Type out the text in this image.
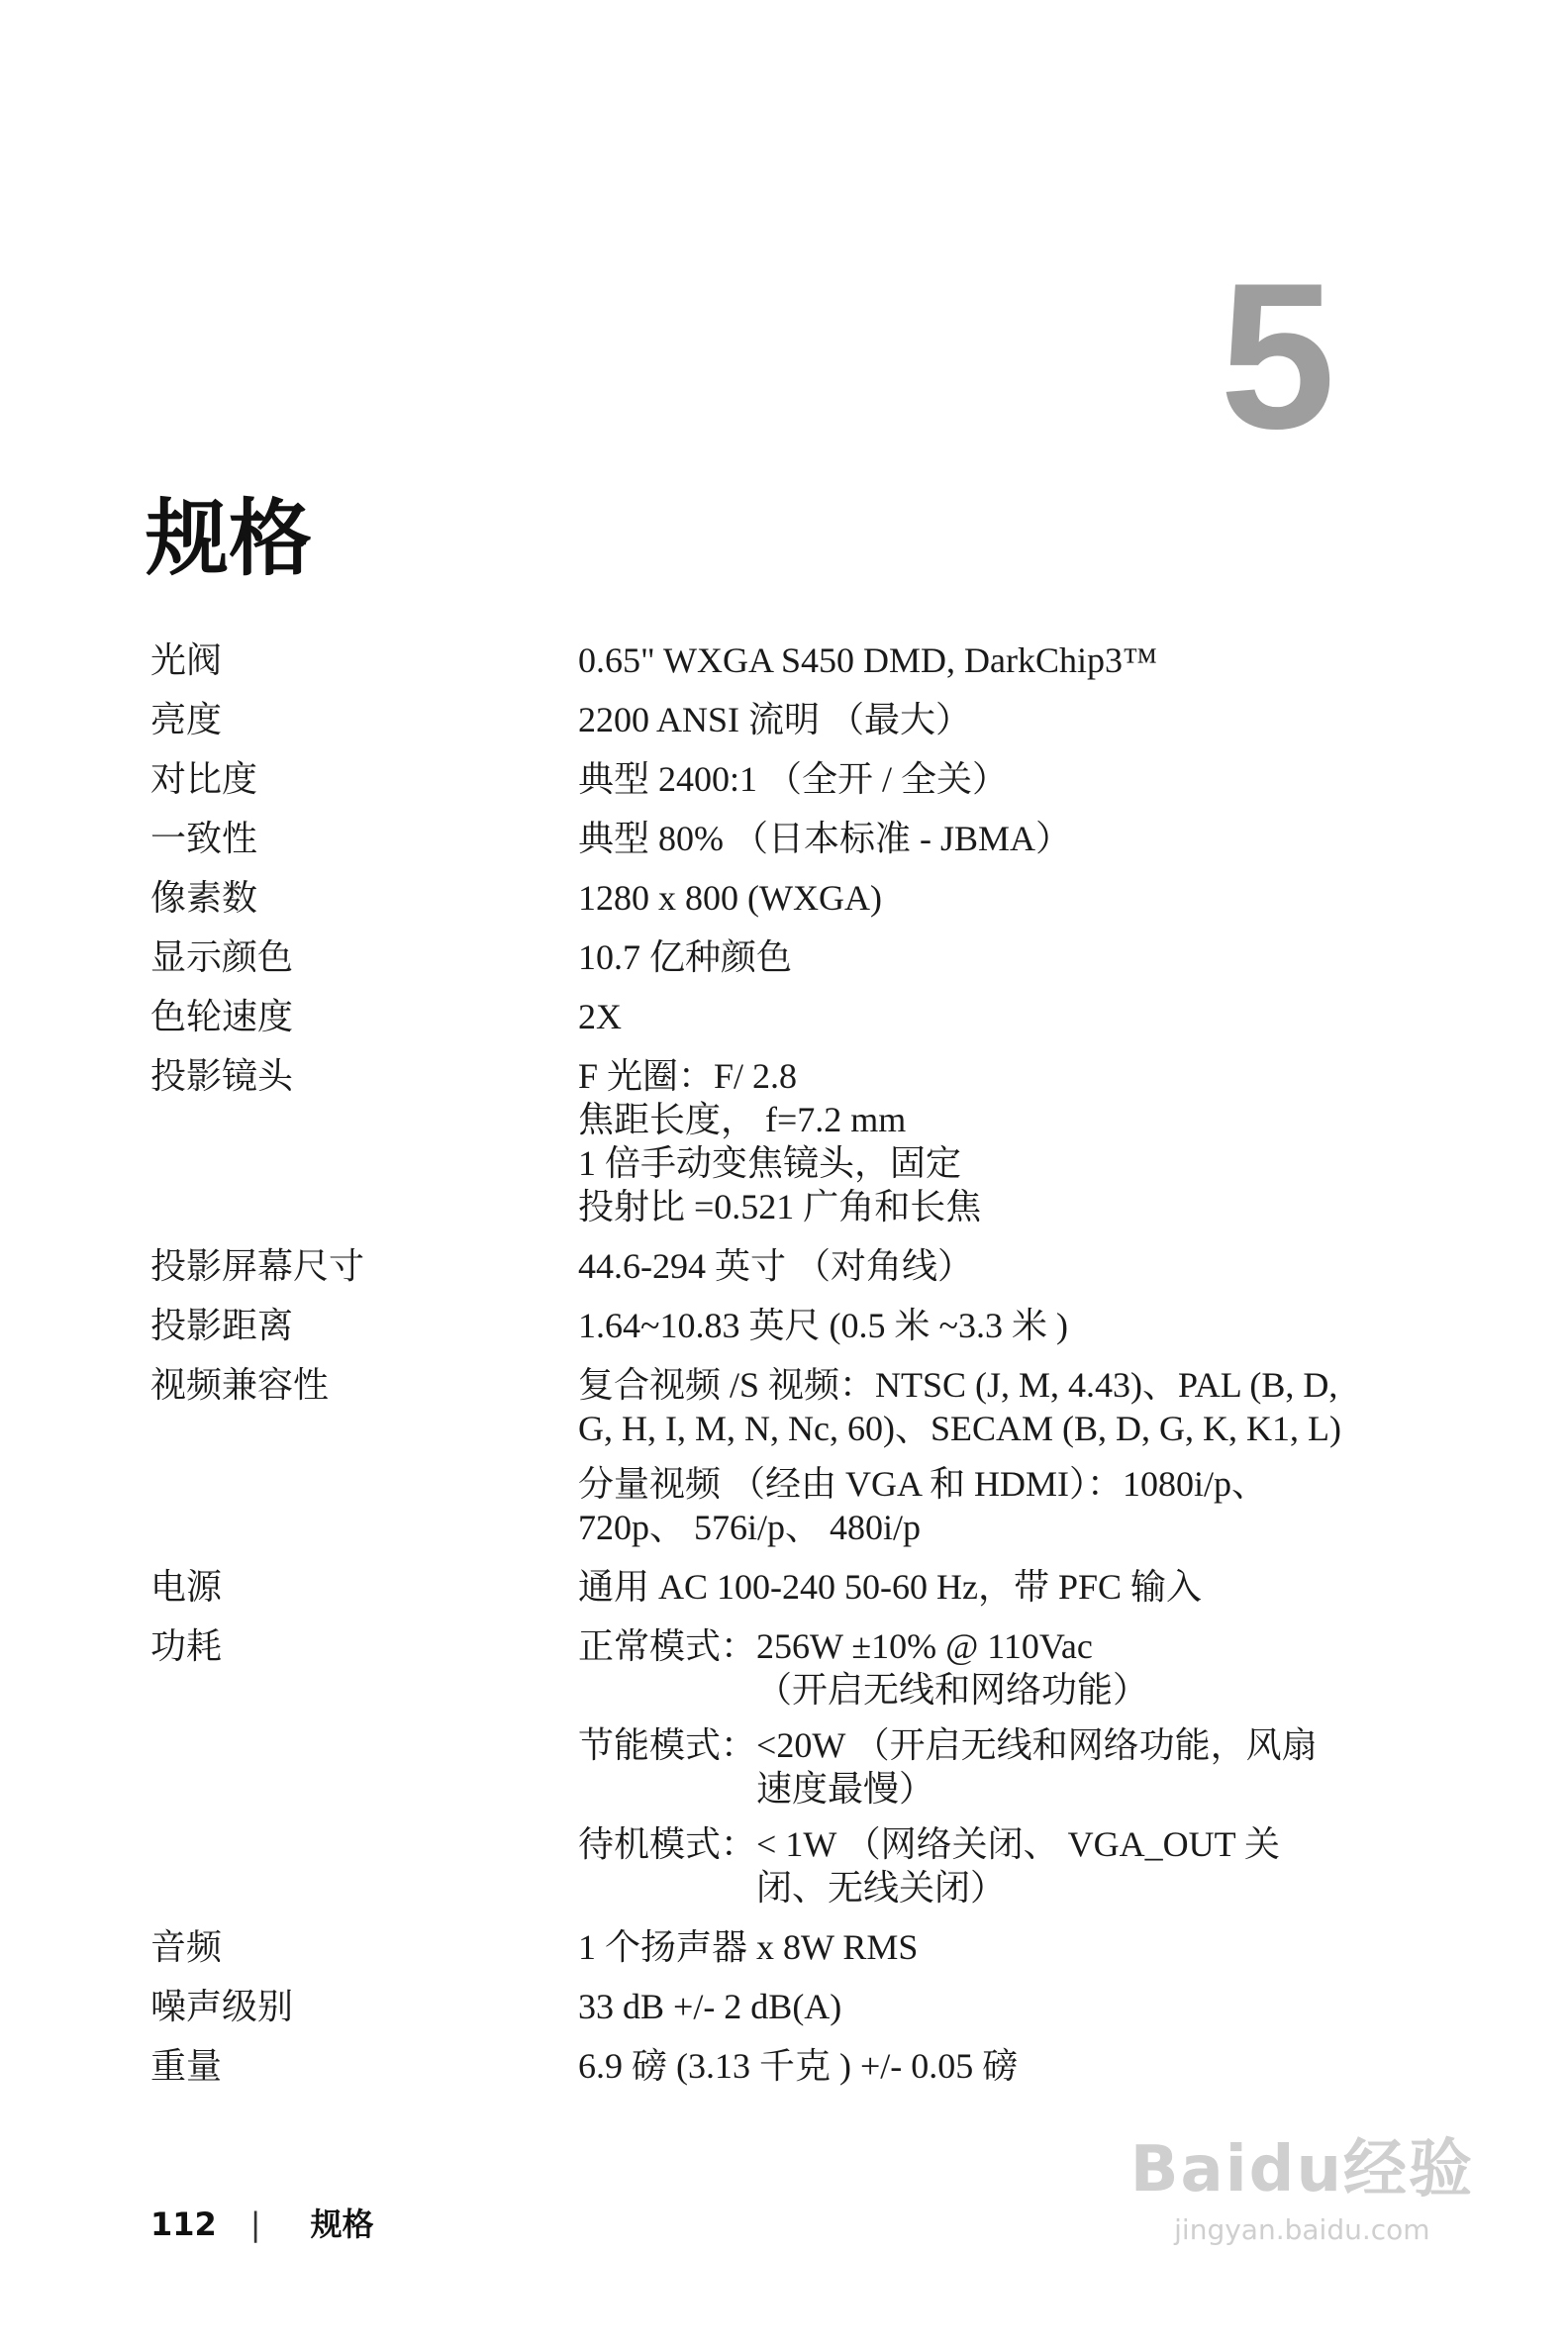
5
规格
光阀	0.65" WXGA S450 DMD, DarkChip3™
亮度	2200 ANSI 流明 （最大）
对比度	典型 2400:1 （全开 / 全关）
一致性	典型 80% （日本标准 - JBMA）
像素数	1280 x 800 (WXGA)
显示颜色	10.7 亿种颜色
色轮速度	2X
投影镜头	F 光圈：F/ 2.8
焦距长度， f=7.2 mm
1 倍手动变焦镜头，固定
投射比 =0.521 广角和长焦
投影屏幕尺寸	44.6-294 英寸 （对角线）
投影距离	1.64~10.83 英尺 (0.5 米 ~3.3 米 )
视频兼容性	复合视频 /S 视频：NTSC (J, M, 4.43)、PAL (B, D,
G, H, I, M, N, Nc, 60)、SECAM (B, D, G, K, K1, L)
分量视频 （经由 VGA 和 HDMI）：1080i/p、
720p、 576i/p、 480i/p
电源	通用 AC 100-240 50-60 Hz，带 PFC 输入
功耗	正常模式： 256W ±10% @ 110Vac
（开启无线和网络功能）
节能模式： <20W （开启无线和网络功能，风扇
速度最慢）
待机模式： < 1W （网络关闭、 VGA_OUT 关
闭、无线关闭）
音频	1 个扬声器 x 8W RMS
噪声级别	33 dB +/- 2 dB(A)
重量	6.9 磅 (3.13 千克 ) +/- 0.05 磅
112 | 规格
Baidu经验
jingyan.baidu.com
